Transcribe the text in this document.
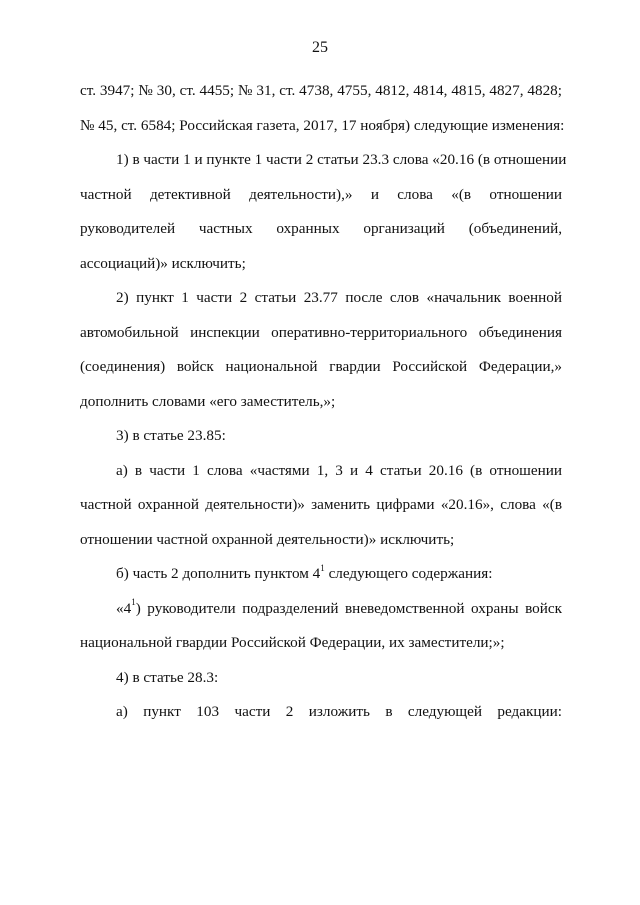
25
ст. 3947; № 30, ст. 4455; № 31, ст. 4738, 4755, 4812, 4814, 4815, 4827, 4828;
№ 45, ст. 6584; Российская газета, 2017, 17 ноября) следующие изменения:
1) в части 1 и пункте 1 части 2 статьи 23.3 слова «20.16 (в отношении
частной детективной деятельности),» и слова «(в отношении
руководителей частных охранных организаций (объединений,
ассоциаций)» исключить;
2) пункт 1 части 2 статьи 23.77 после слов «начальник военной
автомобильной инспекции оперативно-территориального объединения
(соединения) войск национальной гвардии Российской Федерации,»
дополнить словами «его заместитель,»;
3) в статье 23.85:
а) в части 1 слова «частями 1, 3 и 4 статьи 20.16 (в отношении
частной охранной деятельности)» заменить цифрами «20.16», слова «(в
отношении частной охранной деятельности)» исключить;
б) часть 2 дополнить пунктом $4^1$ следующего содержания:
«$4^1$) руководители подразделений вневедомственной охраны войск
национальной гвардии Российской Федерации, их заместители;»;
4) в статье 28.3:
а) пункт 103 части 2 изложить в следующей редакции:
